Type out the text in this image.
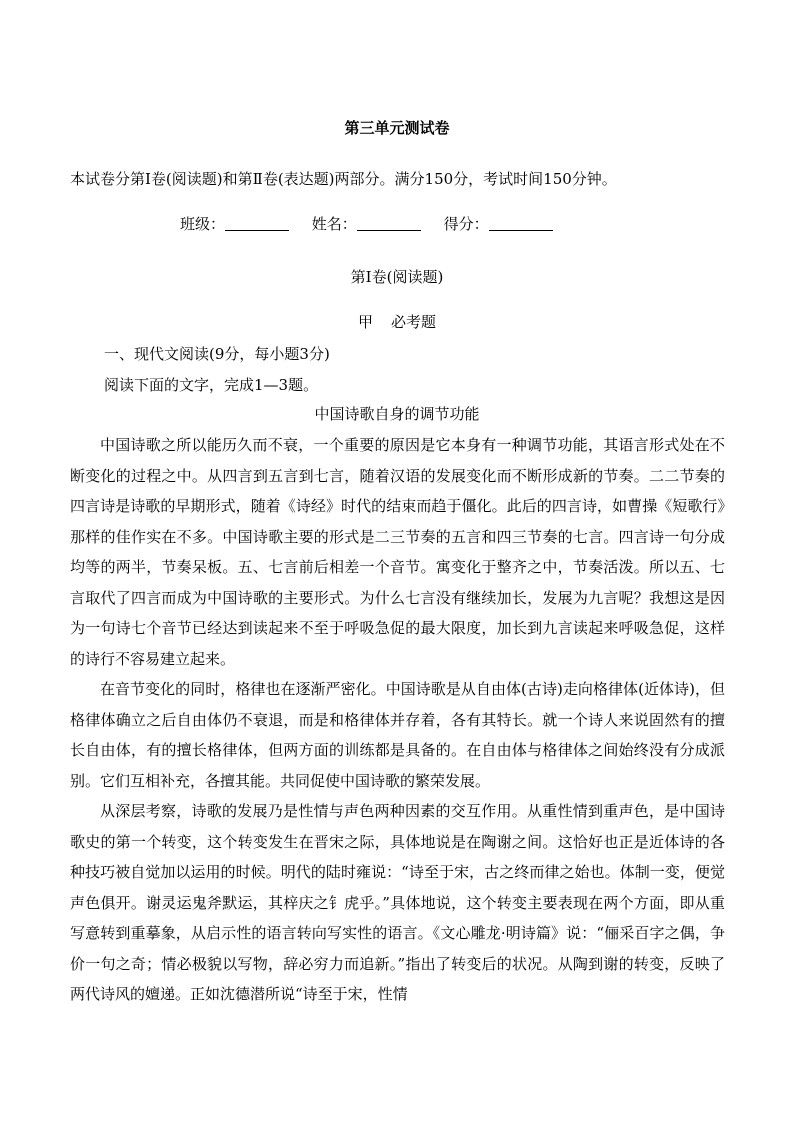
第三单元测试卷
本试卷分第Ⅰ卷(阅读题)和第Ⅱ卷(表达题)两部分。满分150分，考试时间150分钟。
班级：	姓名：	得分：
第Ⅰ卷(阅读题)
甲 必考题
一、现代文阅读(9分，每小题3分)
阅读下面的文字，完成1—3题。
中国诗歌自身的调节功能

中国诗歌之所以能历久而不衰，一个重要的原因是它本身有一种调节功能，其语言形式处在不断变化的过程之中。从四言到五言到七言，随着汉语的发展变化而不断形成新的节奏。二二节奏的四言诗是诗歌的早期形式，随着《诗经》时代的结束而趋于僵化。此后的四言诗，如曹操《短歌行》那样的佳作实在不多。中国诗歌主要的形式是二三节奏的五言和四三节奏的七言。四言诗一句分成均等的两半，节奏呆板。五、七言前后相差一个音节。寓变化于整齐之中，节奏活泼。所以五、七言取代了四言而成为中国诗歌的主要形式。为什么七言没有继续加长，发展为九言呢？我想这是因为一句诗七个音节已经达到读起来不至于呼吸急促的最大限度，加长到九言读起来呼吸急促，这样的诗行不容易建立起来。

在音节变化的同时，格律也在逐渐严密化。中国诗歌是从自由体(古诗)走向格律体(近体诗)，但格律体确立之后自由体仍不衰退，而是和格律体并存着，各有其特长。就一个诗人来说固然有的擅长自由体，有的擅长格律体，但两方面的训练都是具备的。在自由体与格律体之间始终没有分成派别。它们互相补充，各擅其能。共同促使中国诗歌的繁荣发展。

从深层考察，诗歌的发展乃是性情与声色两种因素的交互作用。从重性情到重声色，是中国诗歌史的第一个转变，这个转变发生在晋宋之际，具体地说是在陶谢之间。这恰好也正是近体诗的各种技巧被自觉加以运用的时候。明代的陆时雍说：“诗至于宋，古之终而律之始也。体制一变，便觉声色俱开。谢灵运鬼斧默运，其梓庆之钅虎乎。”具体地说，这个转变主要表现在两个方面，即从重写意转到重摹象，从启示性的语言转向写实性的语言。《文心雕龙·明诗篇》说：“俪采百字之偶，争价一句之奇；情必极貌以写物，辞必穷力而追新。”指出了转变后的状况。从陶到谢的转变，反映了两代诗风的嬗递。正如沈德潜所说“诗至于宋，性情
